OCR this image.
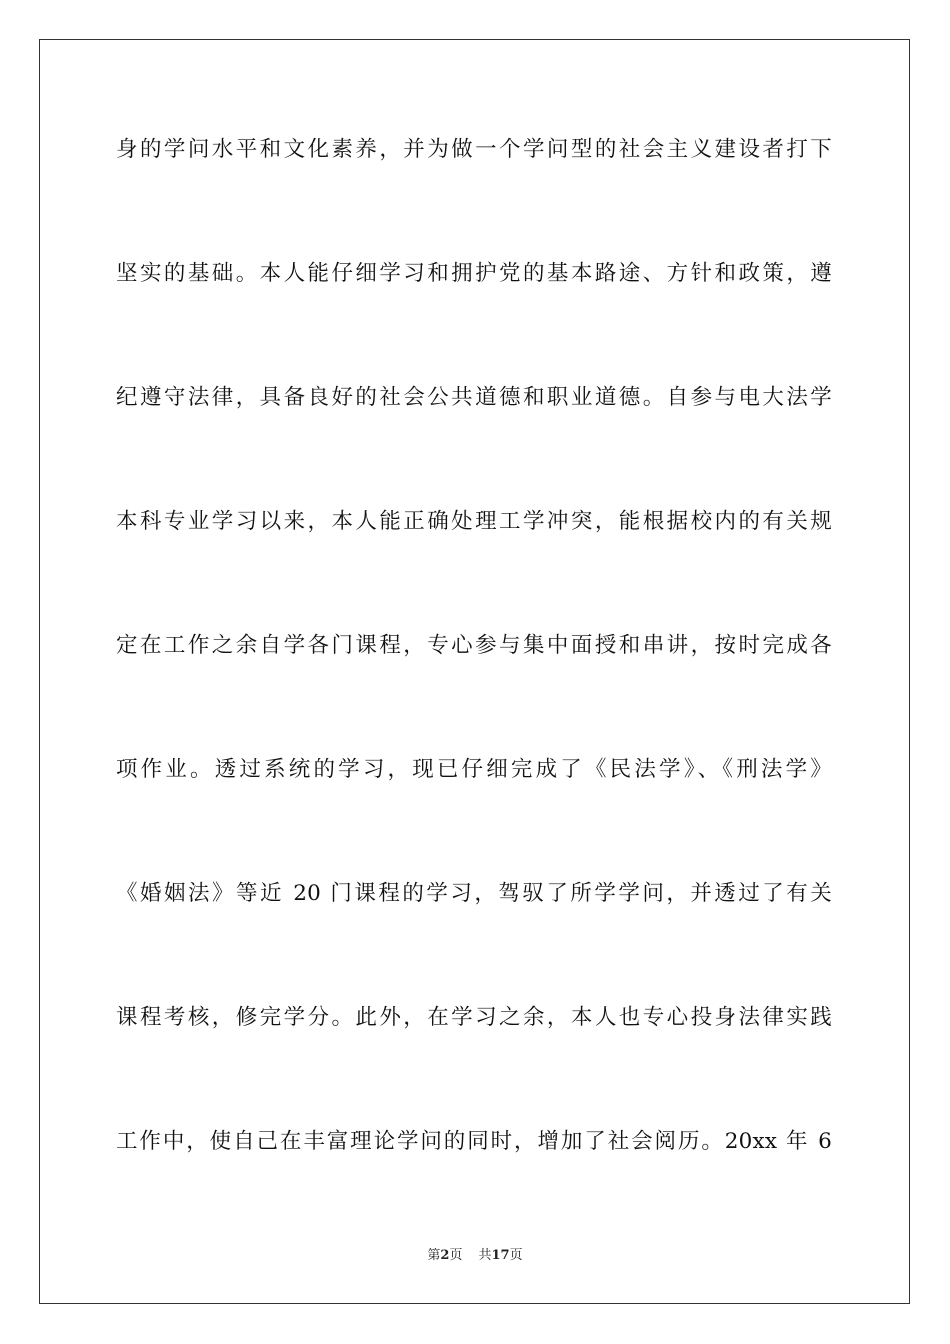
身的学问水平和文化素养，并为做一个学问型的社会主义建设者打下
坚实的基础。本人能仔细学习和拥护党的基本路途、方针和政策，遵
纪遵守法律，具备良好的社会公共道德和职业道德。自参与电大法学
本科专业学习以来，本人能正确处理工学冲突，能根据校内的有关规
定在工作之余自学各门课程，专心参与集中面授和串讲，按时完成各
项作业。透过系统的学习，现已仔细完成了《民法学》、《刑法学》
《婚姻法》等近 20 门课程的学习，驾驭了所学学问，并透过了有关
课程考核，修完学分。此外，在学习之余，本人也专心投身法律实践
工作中，使自己在丰富理论学问的同时，增加了社会阅历。20xx 年 6
第2页 共17页
